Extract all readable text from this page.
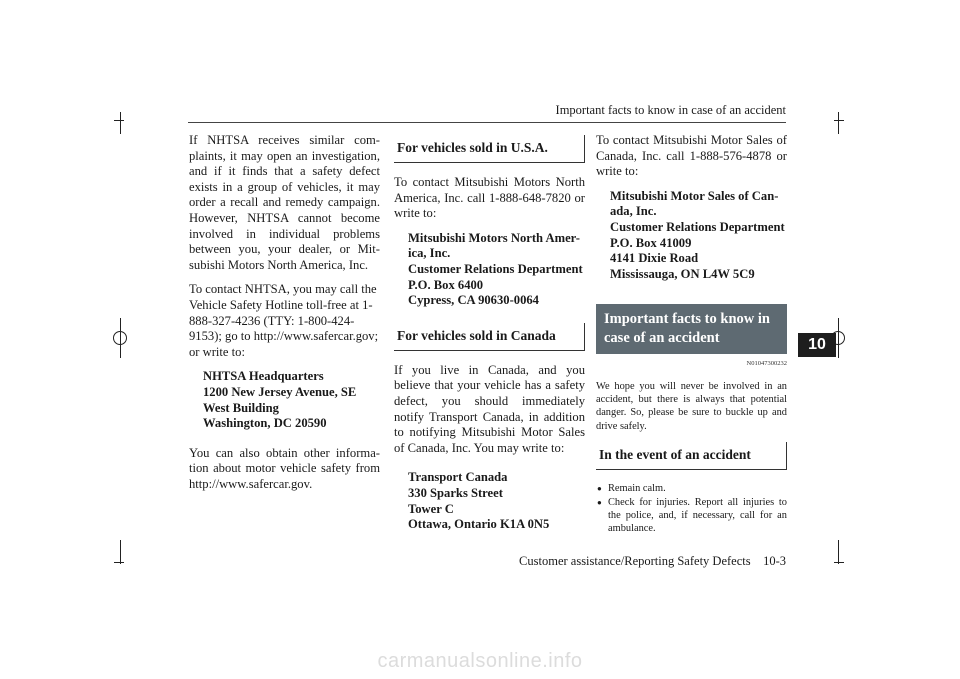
Important facts to know in case of an accident
10

If NHTSA receives similar com-plaints, it may open an investigation, and if it finds that a safety defect exists in a group of vehicles, it may order a recall and remedy campaign. However, NHTSA cannot become involved in individual problems between you, your dealer, or Mit-subishi Motors North America, Inc.

To contact NHTSA, you may call the Vehicle Safety Hotline toll-free at 1-888-327-4236 (TTY: 1-800-424-9153); go to http://www.safercar.gov; or write to:

NHTSA Headquarters
1200 New Jersey Avenue, SE
West Building
Washington, DC 20590

You can also obtain other informa-tion about motor vehicle safety from http://www.safercar.gov.

For vehicles sold in U.S.A.

To contact Mitsubishi Motors North America, Inc. call 1-888-648-7820 or write to:

Mitsubishi Motors North Amer-
ica, Inc.
Customer Relations Department
P.O. Box 6400
Cypress, CA 90630-0064
For vehicles sold in Canada

If you live in Canada, and you believe that your vehicle has a safety defect, you should immediately notify Transport Canada, in addition to notifying Mitsubishi Motor Sales of Canada, Inc. You may write to:

Transport Canada
330 Sparks Street
Tower C
Ottawa, Ontario K1A 0N5

To contact Mitsubishi Motor Sales of Canada, Inc. call 1-888-576-4878 or write to:

Mitsubishi Motor Sales of Can-
ada, Inc.
Customer Relations Department
P.O. Box 41009
4141 Dixie Road
Mississauga, ON L4W 5C9
Important facts to know in case of an accident
N01047300232

We hope you will never be involved in an accident, but there is always that potential danger. So, please be sure to buckle up and drive safely.

In the event of an accident
● Remain calm.
● Check for injuries. Report all injuries to the police, and, if necessary, call for an ambulance.
Customer assistance/Reporting Safety Defects    10-3
carmanualsonline.info
